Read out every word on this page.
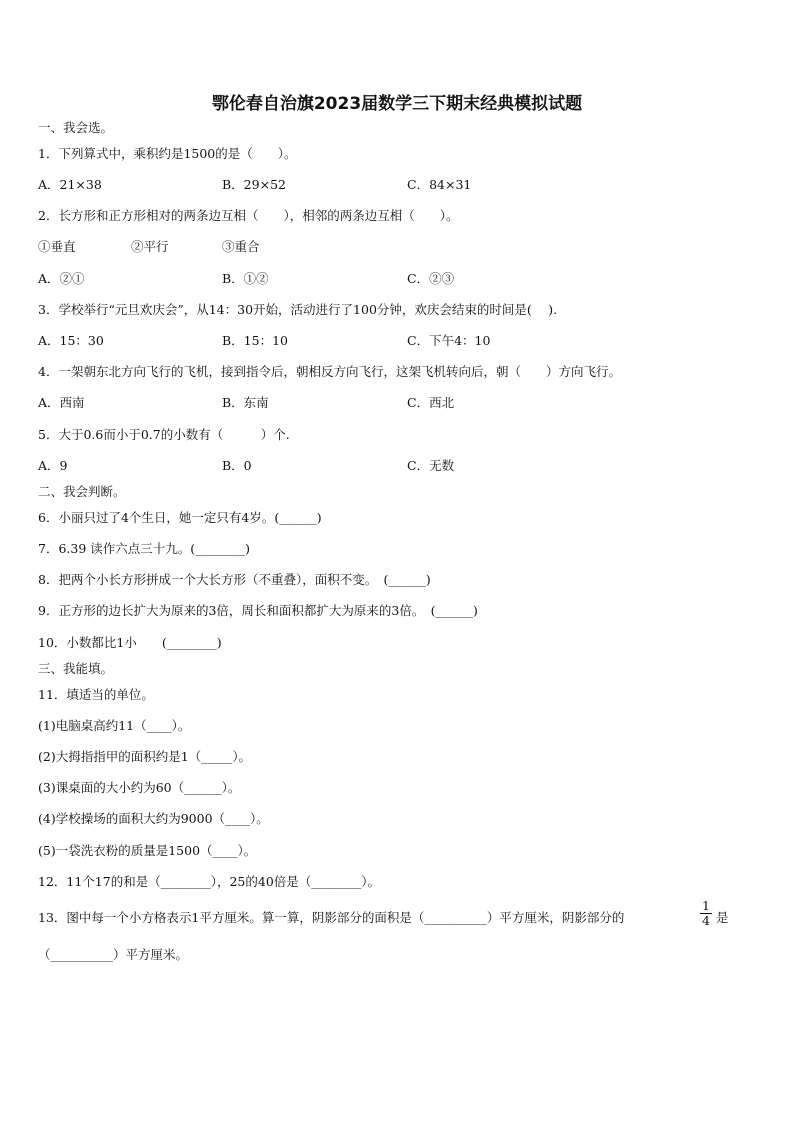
鄂伦春自治旗2023届数学三下期末经典模拟试题
一、我会选。
1．下列算式中，乘积约是1500的是（　　）。
A．21×38	B．29×52	C．84×31
2．长方形和正方形相对的两条边互相（　　），相邻的两条边互相（　　）。
①垂直	②平行	③重合
A．②①	B．①②	C．②③
3．学校举行“元旦欢庆会”，从14：30开始，活动进行了100分钟，欢庆会结束的时间是(　 ).
A．15：30	B．15：10	C．下午4：10
4．一架朝东北方向飞行的飞机，接到指令后，朝相反方向飞行，这架飞机转向后，朝（　　）方向飞行。
A．西南	B．东南	C．西北
5．大于0.6而小于0.7的小数有（　　　）个.
A．9	B．0	C．无数
二、我会判断。
6．小丽只过了4个生日，她一定只有4岁。(______)
7．6.39 读作六点三十九。(________)
8．把两个小长方形拼成一个大长方形（不重叠），面积不变。　(______)
9．正方形的边长扩大为原来的3倍，周长和面积都扩大为原来的3倍。　(______)
10．小数都比1小　　(________)
三、我能填。
11．填适当的单位。
(1)电脑桌高约11（____）。
(2)大拇指指甲的面积约是1（_____）。
(3)课桌面的大小约为60（______）。
(4)学校操场的面积大约为9000（____）。
(5)一袋洗衣粉的质量是1500（____）。
12．11个17的和是（________），25的40倍是（________）。
13．图中每一个小方格表示1平方厘米。算一算，阴影部分的面积是（__________）平方厘米，阴影部分的
1
4 是
（__________）平方厘米。
